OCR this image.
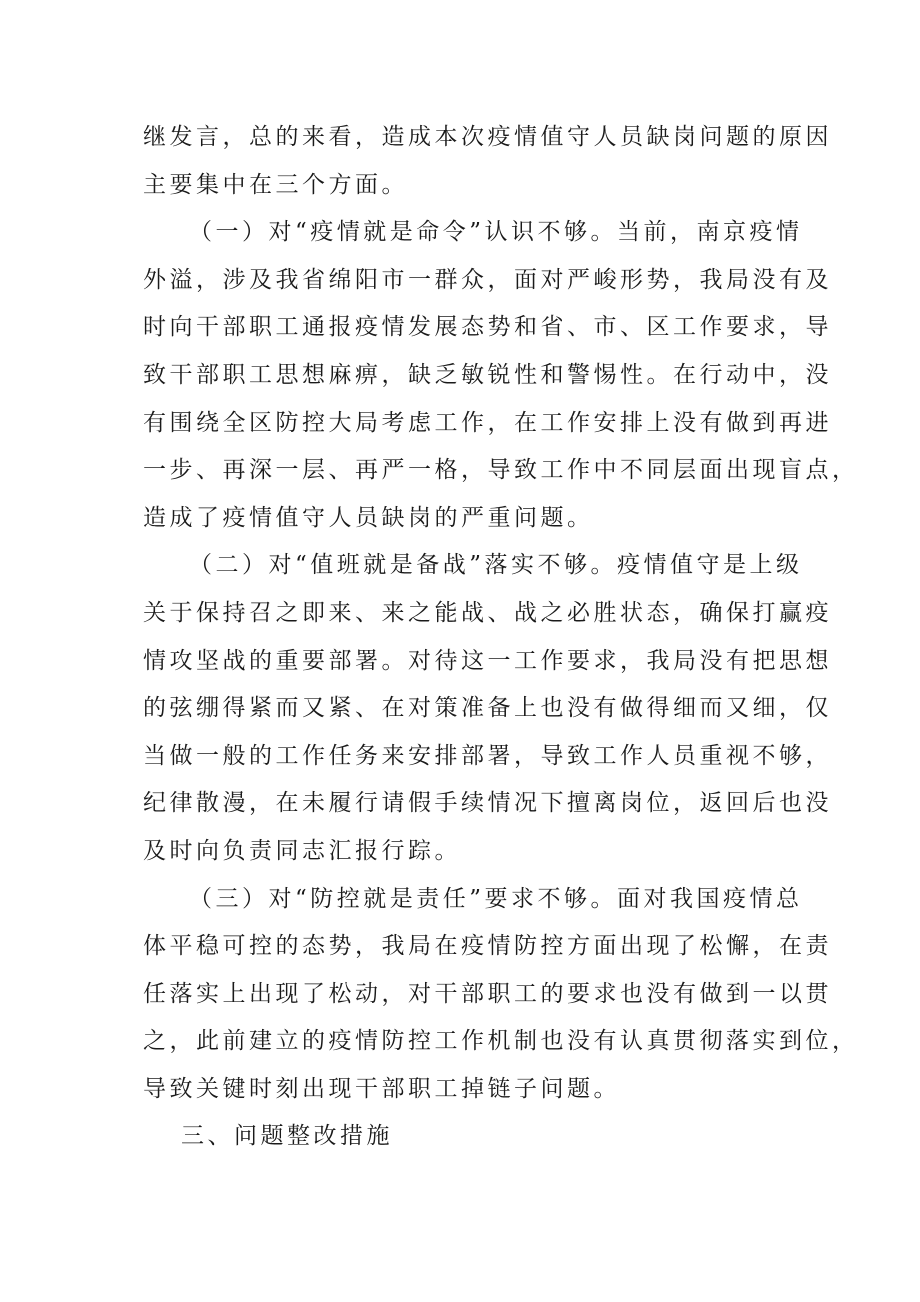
继发言，总的来看，造成本次疫情值守人员缺岗问题的原因
主要集中在三个方面。
（一）对“疫情就是命令”认识不够。当前，南京疫情
外溢，涉及我省绵阳市一群众，面对严峻形势，我局没有及
时向干部职工通报疫情发展态势和省、市、区工作要求，导
致干部职工思想麻痹，缺乏敏锐性和警惕性。在行动中，没
有围绕全区防控大局考虑工作，在工作安排上没有做到再进
一步、再深一层、再严一格，导致工作中不同层面出现盲点，
造成了疫情值守人员缺岗的严重问题。
（二）对“值班就是备战”落实不够。疫情值守是上级
关于保持召之即来、来之能战、战之必胜状态，确保打赢疫
情攻坚战的重要部署。对待这一工作要求，我局没有把思想
的弦绷得紧而又紧、在对策准备上也没有做得细而又细，仅
当做一般的工作任务来安排部署，导致工作人员重视不够，
纪律散漫，在未履行请假手续情况下擅离岗位，返回后也没
及时向负责同志汇报行踪。
（三）对“防控就是责任”要求不够。面对我国疫情总
体平稳可控的态势，我局在疫情防控方面出现了松懈，在责
任落实上出现了松动，对干部职工的要求也没有做到一以贯
之，此前建立的疫情防控工作机制也没有认真贯彻落实到位，
导致关键时刻出现干部职工掉链子问题。
三、问题整改措施
